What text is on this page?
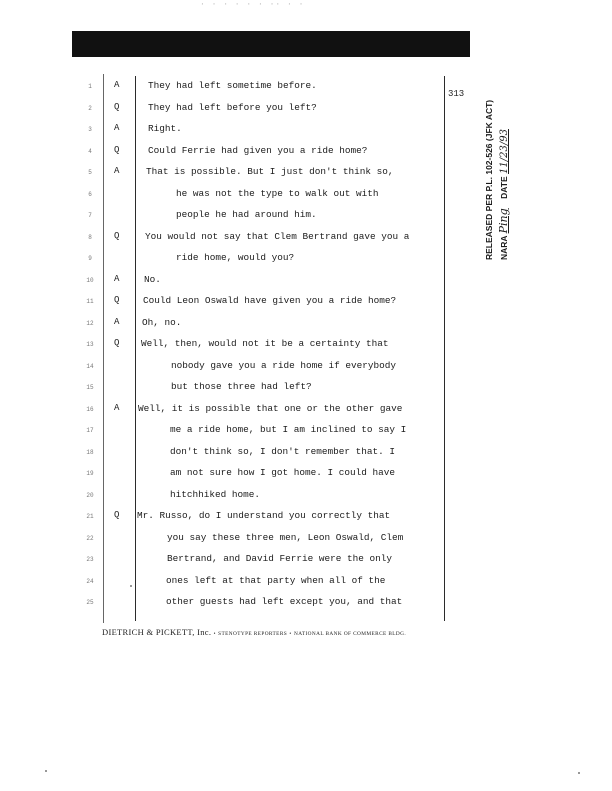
· · · · · · ·· · ·
313
1	A	They had left sometime before.
2	Q	They had left before you left?
3	A	Right.
4	Q	Could Ferrie had given you a ride home?
5	A	That is possible. But I just don't think so,
6	he was not the type to walk out with
7	people he had around him.
8	Q	You would not say that Clem Bertrand gave you a
9	ride home, would you?
10	A	No.
11	Q	Could Leon Oswald have given you a ride home?
12	A Oh, no.
13	Q Well, then, would not it be a certainty that
14	nobody gave you a ride home if everybody
15	but those three had left?
16	A Well, it is possible that one or the other gave
17	me a ride home, but I am inclined to say I
18	don't think so, I don't remember that. I
19	am not sure how I got home. I could have
20	hitchhiked home.
21	Q Mr. Russo, do I understand you correctly that
22	you say these three men, Leon Oswald, Clem
23	Bertrand, and David Ferrie were the only
24	ones left at that party when all of the
25	other guests had left except you, and that
DIETRICH & PICKETT, Inc. • STENOTYPE REPORTERS • NATIONAL BANK OF COMMERCE BLDG.
RELEASED PER P.L. 102-526 (JFK ACT) NARA Ping    DATE 11/23/93
